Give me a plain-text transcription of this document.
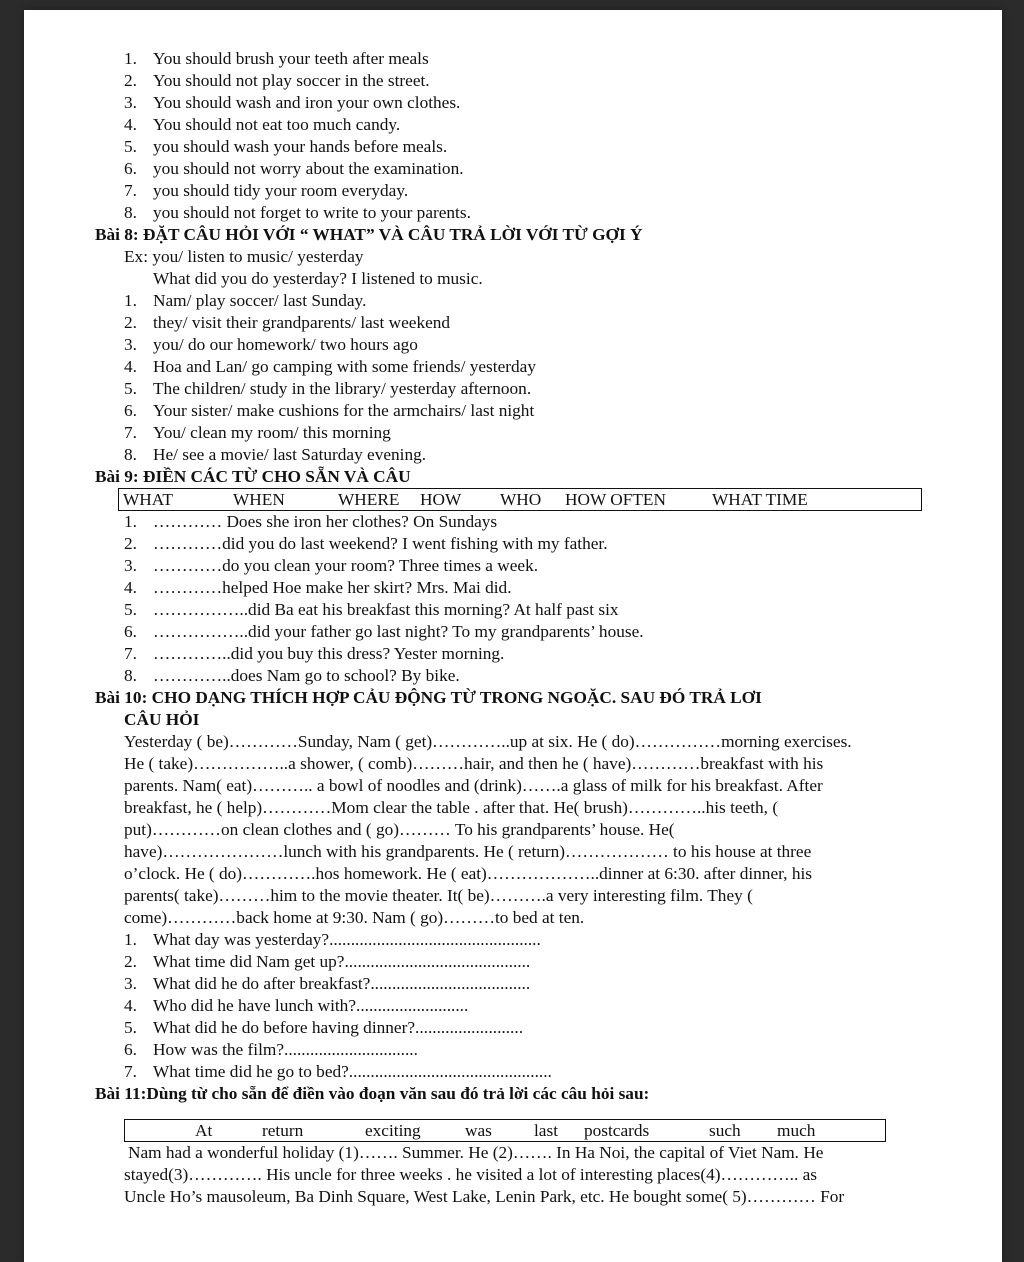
1. You should brush your teeth after meals
2. You should not play soccer in the street.
3. You should wash and iron your own clothes.
4. You should not eat too much candy.
5. you should wash your hands before meals.
6. you should not worry about the examination.
7. you should tidy your room everyday.
8. you should not forget to write to your parents.
Bài 8: ĐẶT CÂU HỎI VỚI “ WHAT” VÀ CÂU TRẢ LỜI VỚI TỪ GỢI Ý
Ex: you/ listen to music/ yesterday
What did you do yesterday? I listened to music.
1. Nam/ play soccer/ last Sunday.
2. they/ visit their grandparents/ last weekend
3. you/ do our homework/ two hours ago
4. Hoa and Lan/ go camping with some friends/ yesterday
5. The children/ study in the library/ yesterday afternoon.
6. Your sister/ make cushions for the armchairs/ last night
7. You/ clean my room/ this morning
8. He/ see a movie/ last Saturday evening.
Bài 9: ĐIỀN CÁC TỪ CHO SẴN VÀ CÂU
WHAT	WHEN	WHERE HOW WHO HOW OFTEN	WHAT TIME
1. ………… Does she iron her clothes? On Sundays
2. …………did you do last weekend? I went fishing with my father.
3. …………do you clean your room? Three times a week.
4. …………helped Hoe make her skirt? Mrs. Mai did.
5. ……………..did Ba eat his breakfast this morning? At half past six
6. ……………..did your father go last night? To my grandparents’ house.
7. …………..did you buy this dress? Yester morning.
8. …………..does Nam go to school? By bike.
Bài 10: CHO DẠNG THÍCH HỢP CẢU ĐỘNG TỪ TRONG NGOẶC. SAU ĐÓ TRẢ LƠI
CÂU HỎI
Yesterday ( be)…………Sunday, Nam ( get)…………..up at six. He ( do)……………morning exercises.
He ( take)……………..a shower, ( comb)………hair, and then he ( have)…………breakfast with his
parents. Nam( eat)……….. a bowl of noodles and (drink)…….a glass of milk for his breakfast. After
breakfast, he ( help)…………Mom clear the table . after that. He( brush)…………..his teeth, (
put)…………on clean clothes and ( go)……… To his grandparents’ house. He(
have)…………………lunch with his grandparents. He ( return)……………… to his house at three
o’clock. He ( do)………….hos homework. He ( eat)………………..dinner at 6:30. after dinner, his
parents( take)………him to the movie theater. It( be)……….a very interesting film. They (
come)…………back home at 9:30. Nam ( go)………to bed at ten.
1. What day was yesterday?.................................................
2. What time did Nam get up?...........................................
3. What did he do after breakfast?.....................................
4. Who did he have lunch with?..........................
5. What did he do before having dinner?.........................
6. How was the film?...............................
7. What time did he go to bed?...............................................
Bài 11:Dùng từ cho sẵn để điền vào đoạn văn sau đó trả lời các câu hỏi sau:
At	return	exciting	was last postcards	such much
Nam had a wonderful holiday (1)……. Summer. He (2)……. In Ha Noi, the capital of Viet Nam. He
stayed(3)…………. His uncle for three weeks . he visited a lot of interesting places(4)………….. as
Uncle Ho’s mausoleum, Ba Dinh Square, West Lake, Lenin Park, etc. He bought some( 5)………… For
